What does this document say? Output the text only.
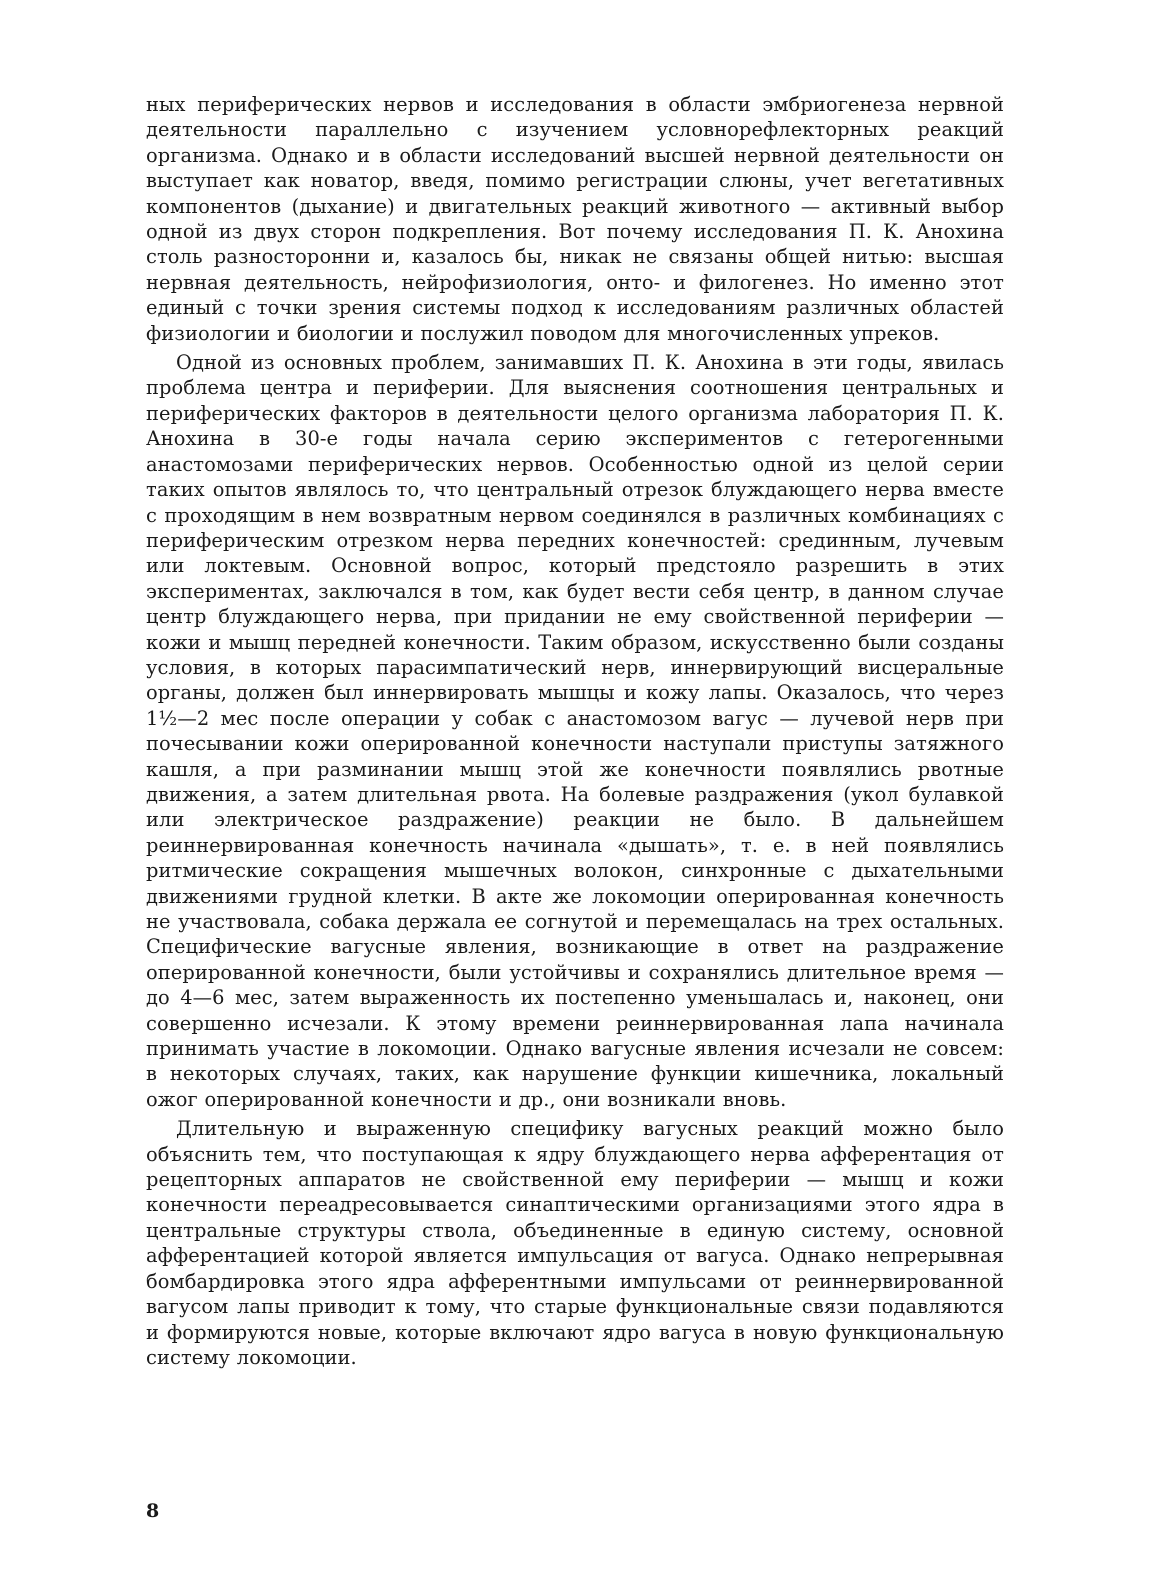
ных периферических нервов и исследования в области эмбриогенеза нервной деятельности параллельно с изучением условнорефлекторных реакций организма. Однако и в области исследований высшей нервной деятельности он выступает как новатор, введя, помимо регистрации слюны, учет вегетативных компонентов (дыхание) и двигательных реакций животного — активный выбор одной из двух сторон подкрепления. Вот почему исследования П. К. Анохина столь разносторонни и, казалось бы, никак не связаны общей нитью: высшая нервная деятельность, нейрофизиология, онто- и филогенез. Но именно этот единый с точки зрения системы подход к исследованиям различных областей физиологии и биологии и послужил поводом для многочисленных упреков.

Одной из основных проблем, занимавших П. К. Анохина в эти годы, явилась проблема центра и периферии. Для выяснения соотношения центральных и периферических факторов в деятельности целого организма лаборатория П. К. Анохина в 30-е годы начала серию экспериментов с гетерогенными анастомозами периферических нервов. Особенностью одной из целой серии таких опытов являлось то, что центральный отрезок блуждающего нерва вместе с проходящим в нем возвратным нервом соединялся в различных комбинациях с периферическим отрезком нерва передних конечностей: срединным, лучевым или локтевым. Основной вопрос, который предстояло разрешить в этих экспериментах, заключался в том, как будет вести себя центр, в данном случае центр блуждающего нерва, при придании не ему свойственной периферии — кожи и мышц передней конечности. Таким образом, искусственно были созданы условия, в которых парасимпатический нерв, иннервирующий висцеральные органы, должен был иннервировать мышцы и кожу лапы. Оказалось, что через 1½—2 мес после операции у собак с анастомозом вагус — лучевой нерв при почесывании кожи оперированной конечности наступали приступы затяжного кашля, а при разминании мышц этой же конечности появлялись рвотные движения, а затем длительная рвота. На болевые раздражения (укол булавкой или электрическое раздражение) реакции не было. В дальнейшем реиннервированная конечность начинала «дышать», т. е. в ней появлялись ритмические сокращения мышечных волокон, синхронные с дыхательными движениями грудной клетки. В акте же локомоции оперированная конечность не участвовала, собака держала ее согнутой и перемещалась на трех остальных. Специфические вагусные явления, возникающие в ответ на раздражение оперированной конечности, были устойчивы и сохранялись длительное время — до 4—6 мес, затем выраженность их постепенно уменьшалась и, наконец, они совершенно исчезали. К этому времени реиннервированная лапа начинала принимать участие в локомоции. Однако вагусные явления исчезали не совсем: в некоторых случаях, таких, как нарушение функции кишечника, локальный ожог оперированной конечности и др., они возникали вновь.

Длительную и выраженную специфику вагусных реакций можно было объяснить тем, что поступающая к ядру блуждающего нерва афферентация от рецепторных аппаратов не свойственной ему периферии — мышц и кожи конечности переадресовывается синаптическими организациями этого ядра в центральные структуры ствола, объединенные в единую систему, основной афферентацией которой является импульсация от вагуса. Однако непрерывная бомбардировка этого ядра афферентными импульсами от реиннервированной вагусом лапы приводит к тому, что старые функциональные связи подавляются и формируются новые, которые включают ядро вагуса в новую функциональную систему локомоции.

8
